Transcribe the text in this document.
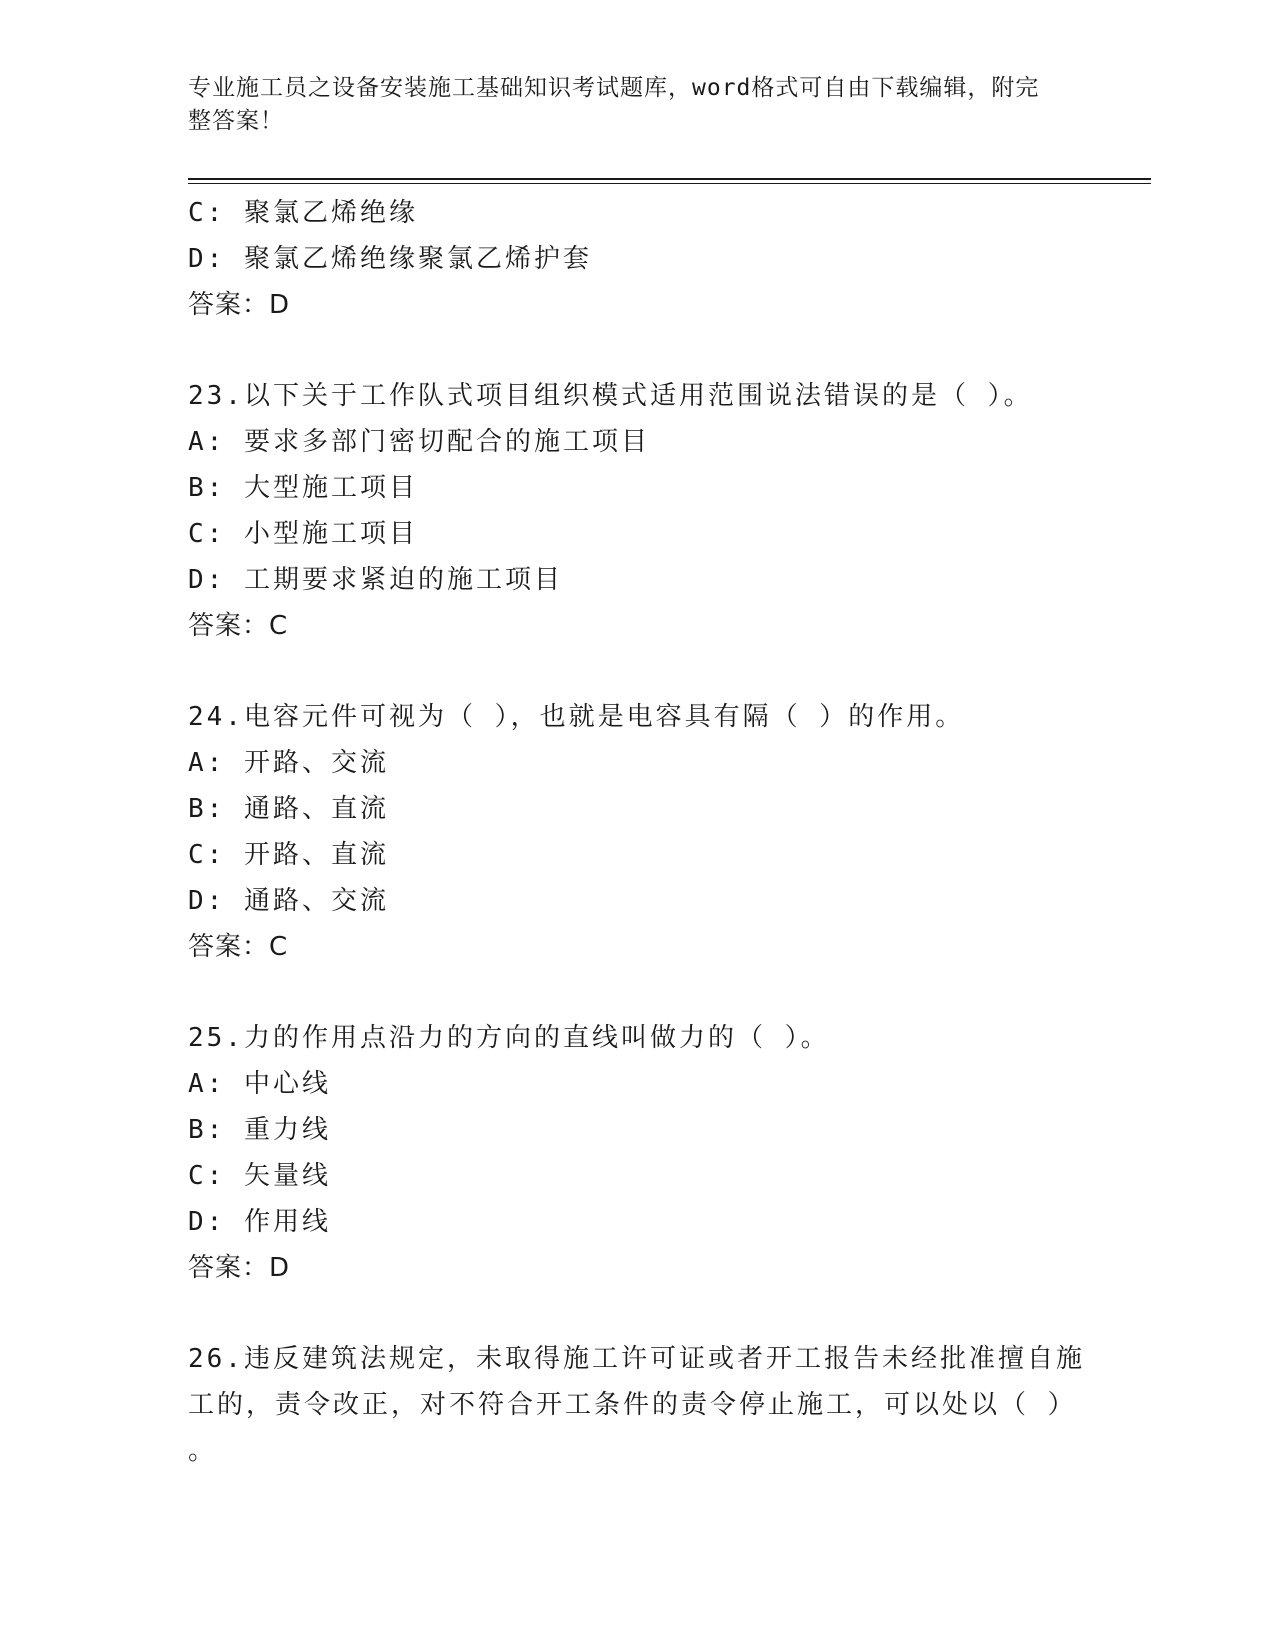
专业施工员之设备安装施工基础知识考试题库，word格式可自由下载编辑，附完
整答案！
C: 聚氯乙烯绝缘
D: 聚氯乙烯绝缘聚氯乙烯护套
答案：D
23.以下关于工作队式项目组织模式适用范围说法错误的是（ ）。
A: 要求多部门密切配合的施工项目
B: 大型施工项目
C: 小型施工项目
D: 工期要求紧迫的施工项目
答案：C
24.电容元件可视为（ ），也就是电容具有隔（ ）的作用。
A: 开路、交流
B: 通路、直流
C: 开路、直流
D: 通路、交流
答案：C
25.力的作用点沿力的方向的直线叫做力的（ ）。
A: 中心线
B: 重力线
C: 矢量线
D: 作用线
答案：D
26.违反建筑法规定，未取得施工许可证或者开工报告未经批准擅自施
工的，责令改正，对不符合开工条件的责令停止施工，可以处以（ ）
。
